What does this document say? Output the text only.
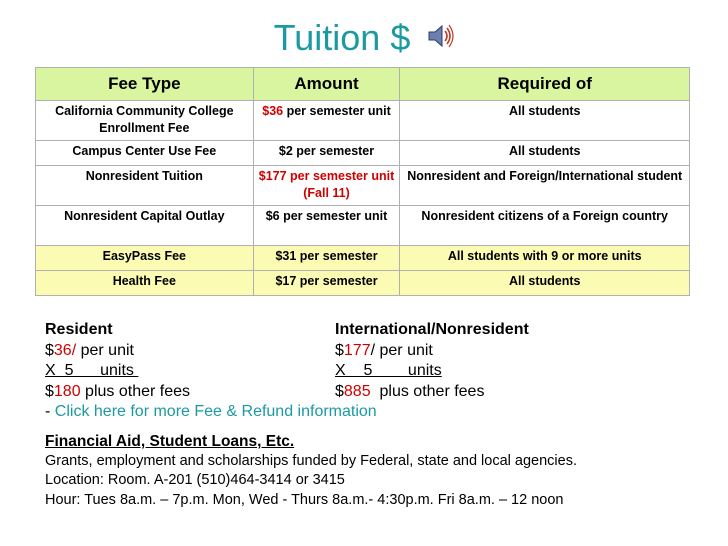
Tuition $
Fee Type	Amount	Required of
California Community College Enrollment Fee	$36 per semester unit	All students
Campus Center Use Fee	$2 per semester	All students
Nonresident Tuition	$177 per semester unit (Fall 11)	Nonresident and Foreign/International student
Nonresident Capital Outlay	$6 per semester unit	Nonresident citizens of a Foreign country
EasyPass Fee	$31 per semester	All students with 9 or more units
Health Fee	$17 per semester	All students
Resident
$36/ per unit
X  5      units
$180 plus other fees
- Click here for more Fee & Refund information
International/Nonresident
$177/ per unit
X    5        units
$885  plus other fees
Financial Aid, Student Loans, Etc.
Grants, employment and scholarships funded by Federal, state and local agencies.
Location: Room. A-201 (510)464-3414 or 3415
Hour: Tues 8a.m. – 7p.m. Mon, Wed - Thurs 8a.m.- 4:30p.m. Fri 8a.m. – 12 noon
